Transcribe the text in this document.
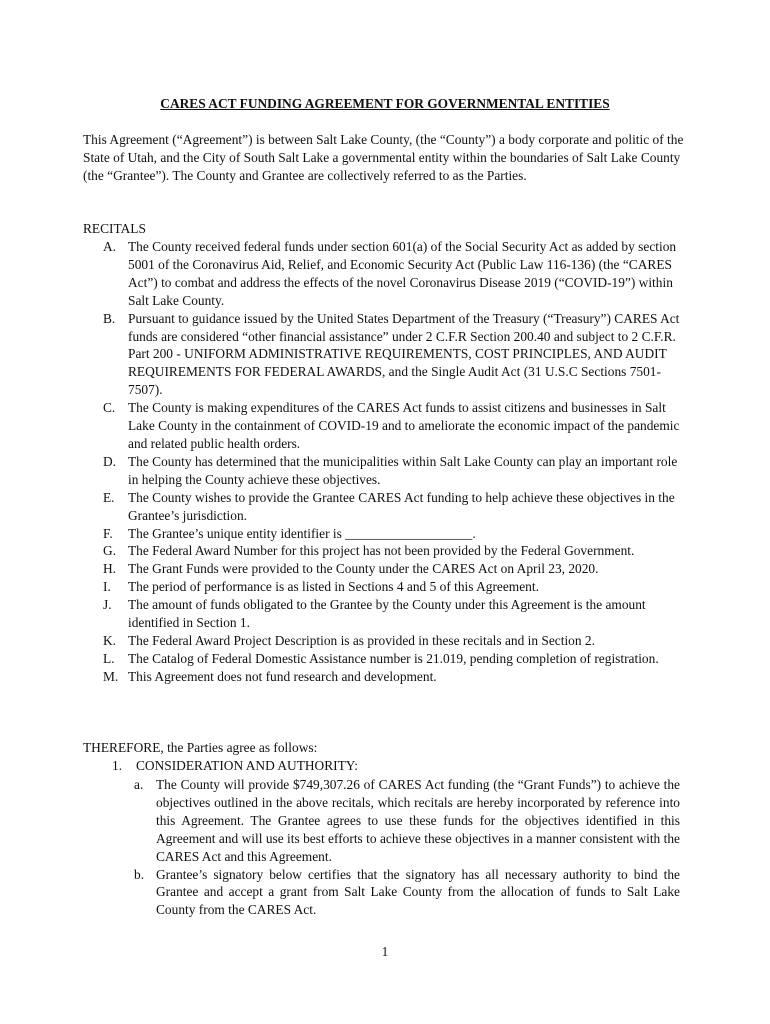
CARES ACT FUNDING AGREEMENT FOR GOVERNMENTAL ENTITIES
This Agreement (“Agreement”) is between Salt Lake County, (the “County”) a body corporate and politic of the State of Utah, and the City of South Salt Lake a governmental entity within the boundaries of Salt Lake County (the “Grantee”). The County and Grantee are collectively referred to as the Parties.
RECITALS
A. The County received federal funds under section 601(a) of the Social Security Act as added by section 5001 of the Coronavirus Aid, Relief, and Economic Security Act (Public Law 116-136) (the “CARES Act”) to combat and address the effects of the novel Coronavirus Disease 2019 (“COVID-19”) within Salt Lake County.
B. Pursuant to guidance issued by the United States Department of the Treasury (“Treasury”) CARES Act funds are considered “other financial assistance” under 2 C.F.R Section 200.40 and subject to 2 C.F.R. Part 200 - UNIFORM ADMINISTRATIVE REQUIREMENTS, COST PRINCIPLES, AND AUDIT REQUIREMENTS FOR FEDERAL AWARDS, and the Single Audit Act (31 U.S.C Sections 7501-7507).
C. The County is making expenditures of the CARES Act funds to assist citizens and businesses in Salt Lake County in the containment of COVID-19 and to ameliorate the economic impact of the pandemic and related public health orders.
D. The County has determined that the municipalities within Salt Lake County can play an important role in helping the County achieve these objectives.
E. The County wishes to provide the Grantee CARES Act funding to help achieve these objectives in the Grantee’s jurisdiction.
F. The Grantee’s unique entity identifier is ___________________.
G. The Federal Award Number for this project has not been provided by the Federal Government.
H. The Grant Funds were provided to the County under the CARES Act on April 23, 2020.
I. The period of performance is as listed in Sections 4 and 5 of this Agreement.
J. The amount of funds obligated to the Grantee by the County under this Agreement is the amount identified in Section 1.
K. The Federal Award Project Description is as provided in these recitals and in Section 2.
L. The Catalog of Federal Domestic Assistance number is 21.019, pending completion of registration.
M. This Agreement does not fund research and development.
THEREFORE, the Parties agree as follows:
1. CONSIDERATION AND AUTHORITY:
a. The County will provide $749,307.26 of CARES Act funding (the “Grant Funds”) to achieve the objectives outlined in the above recitals, which recitals are hereby incorporated by reference into this Agreement. The Grantee agrees to use these funds for the objectives identified in this Agreement and will use its best efforts to achieve these objectives in a manner consistent with the CARES Act and this Agreement.
b. Grantee’s signatory below certifies that the signatory has all necessary authority to bind the Grantee and accept a grant from Salt Lake County from the allocation of funds to Salt Lake County from the CARES Act.
1
